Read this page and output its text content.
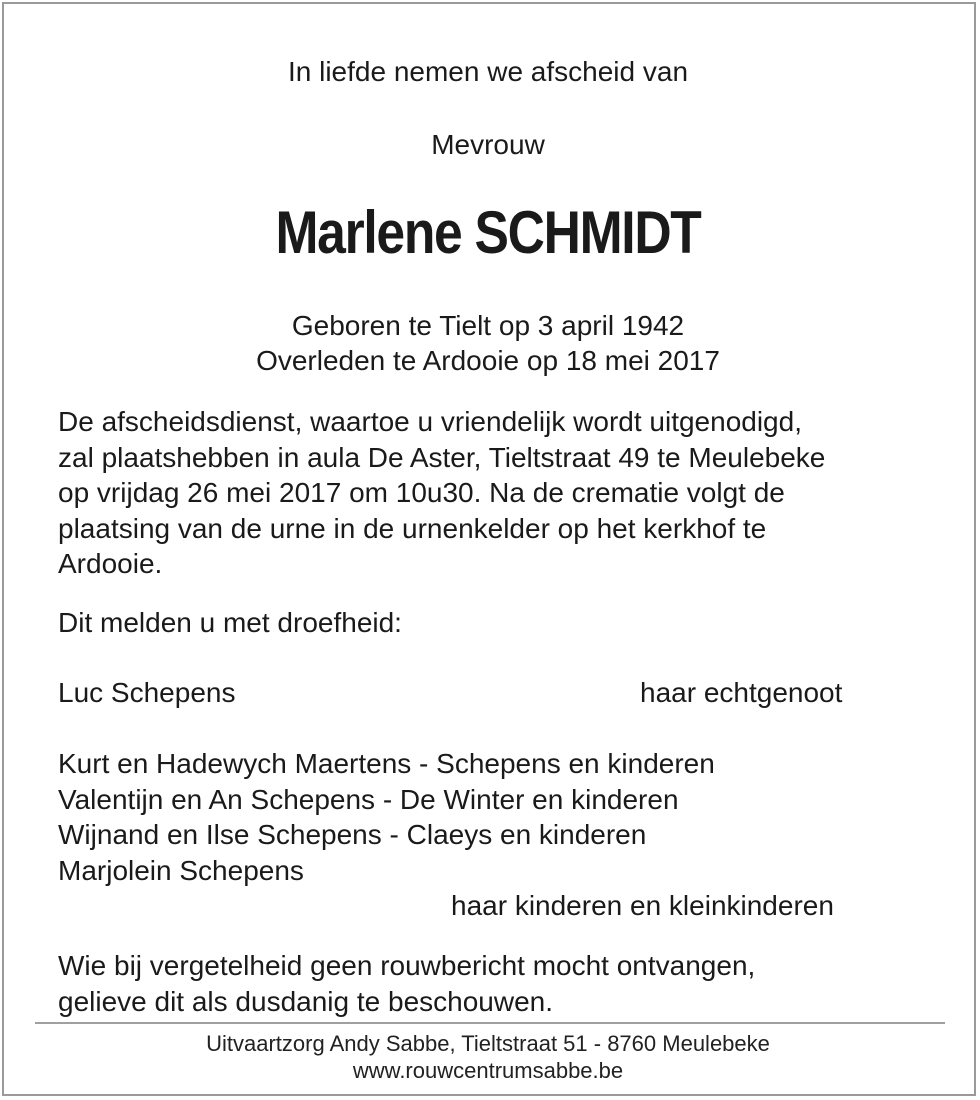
In liefde nemen we afscheid van
Mevrouw
Marlene SCHMIDT
Geboren te Tielt op 3 april 1942
Overleden te Ardooie op 18 mei 2017
De afscheidsdienst, waartoe u vriendelijk wordt uitgenodigd,
zal plaatshebben in aula De Aster, Tieltstraat 49 te Meulebeke
op vrijdag 26 mei 2017 om 10u30. Na de crematie volgt de
plaatsing van de urne in de urnenkelder op het kerkhof te
Ardooie.
Dit melden u met droefheid:
Luc Schepens	haar echtgenoot
Kurt en Hadewych Maertens - Schepens en kinderen
Valentijn en An Schepens - De Winter en kinderen
Wijnand en Ilse Schepens - Claeys en kinderen
Marjolein Schepens
haar kinderen en kleinkinderen
Wie bij vergetelheid geen rouwbericht mocht ontvangen,
gelieve dit als dusdanig te beschouwen.
Uitvaartzorg Andy Sabbe, Tieltstraat 51 - 8760 Meulebeke
www.rouwcentrumsabbe.be
